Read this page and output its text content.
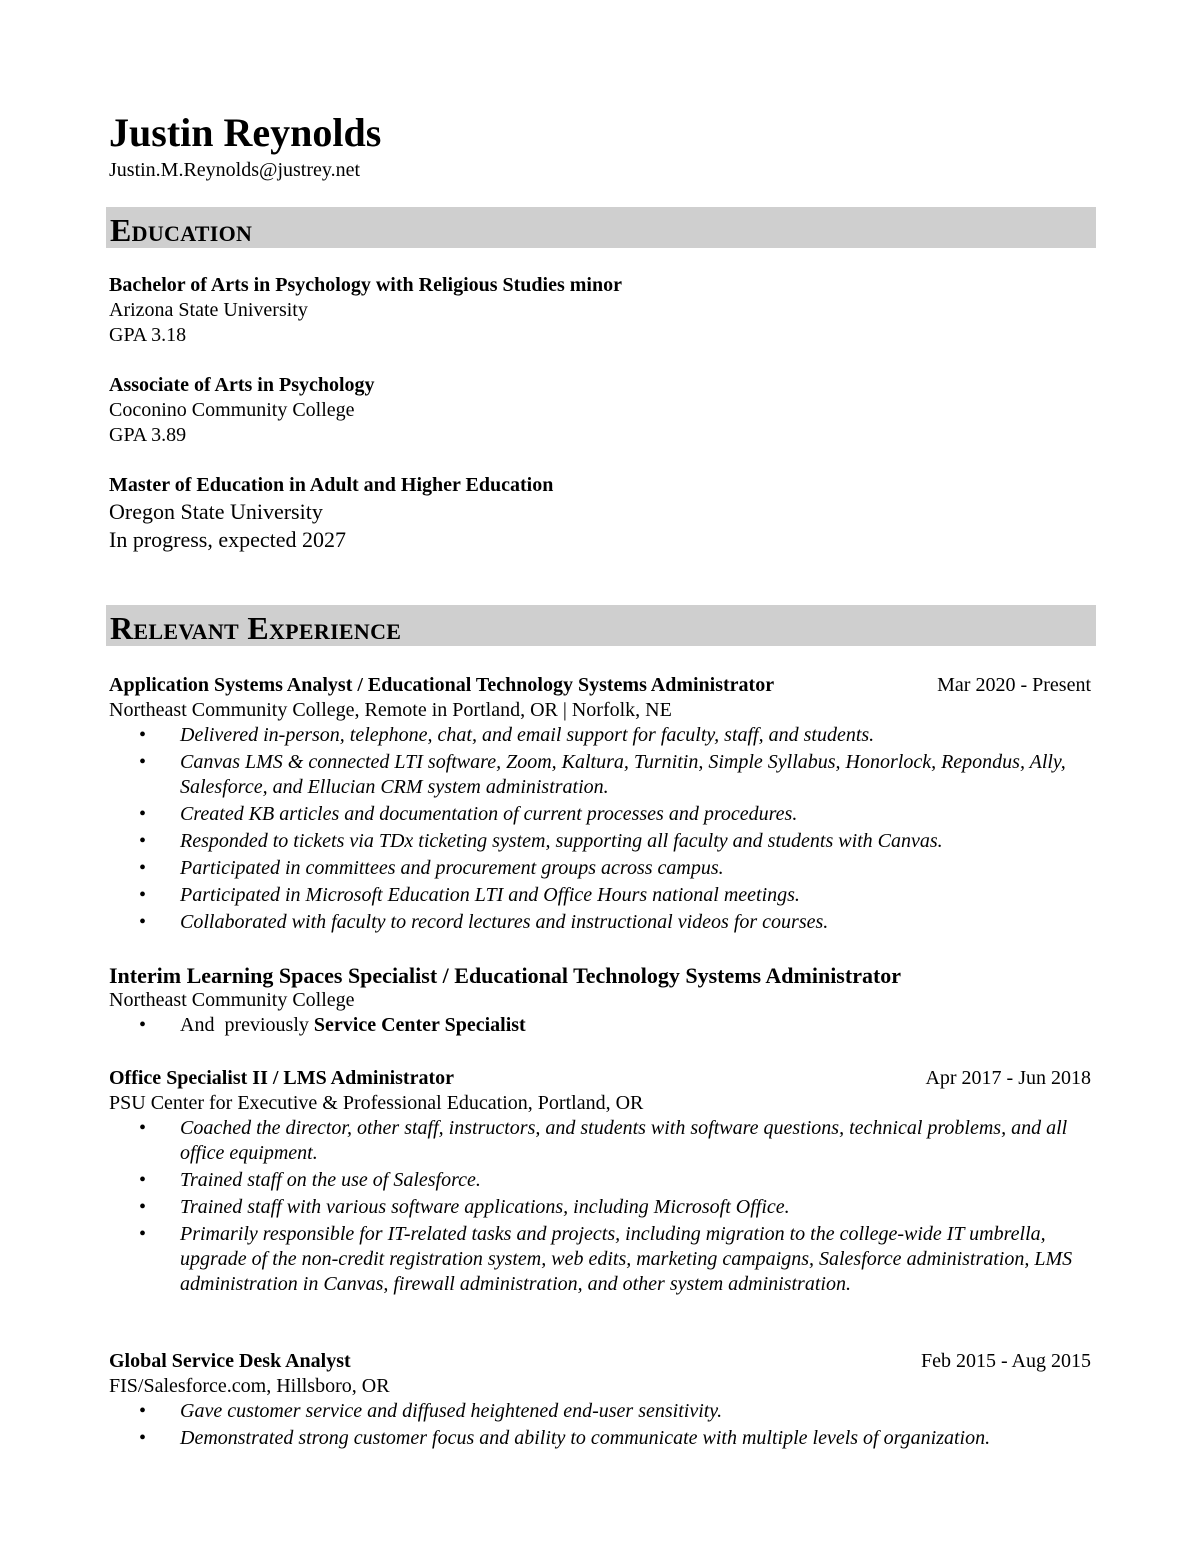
Justin Reynolds
Justin.M.Reynolds@justrey.net
Education
Bachelor of Arts in Psychology with Religious Studies minor
Arizona State University
GPA 3.18
Associate of Arts in Psychology
Coconino Community College
GPA 3.89
Master of Education in Adult and Higher Education
Oregon State University
In progress, expected 2027
Relevant Experience
Application Systems Analyst / Educational Technology Systems Administrator	Mar 2020 - Present
Northeast Community College, Remote in Portland, OR | Norfolk, NE
• Delivered in-person, telephone, chat, and email support for faculty, staff, and students.
• Canvas LMS & connected LTI software, Zoom, Kaltura, Turnitin, Simple Syllabus, Honorlock, Repondus, Ally, Salesforce, and Ellucian CRM system administration.
• Created KB articles and documentation of current processes and procedures.
• Responded to tickets via TDx ticketing system, supporting all faculty and students with Canvas.
• Participated in committees and procurement groups across campus.
• Participated in Microsoft Education LTI and Office Hours national meetings.
• Collaborated with faculty to record lectures and instructional videos for courses.
Interim Learning Spaces Specialist / Educational Technology Systems Administrator
Northeast Community College
• And  previously Service Center Specialist
Office Specialist II / LMS Administrator	Apr 2017 - Jun 2018
PSU Center for Executive & Professional Education, Portland, OR
• Coached the director, other staff, instructors, and students with software questions, technical problems, and all office equipment.
• Trained staff on the use of Salesforce.
• Trained staff with various software applications, including Microsoft Office.
• Primarily responsible for IT-related tasks and projects, including migration to the college-wide IT umbrella, upgrade of the non-credit registration system, web edits, marketing campaigns, Salesforce administration, LMS administration in Canvas, firewall administration, and other system administration.
Global Service Desk Analyst	Feb 2015 - Aug 2015
FIS/Salesforce.com, Hillsboro, OR
• Gave customer service and diffused heightened end-user sensitivity.
• Demonstrated strong customer focus and ability to communicate with multiple levels of organization.
